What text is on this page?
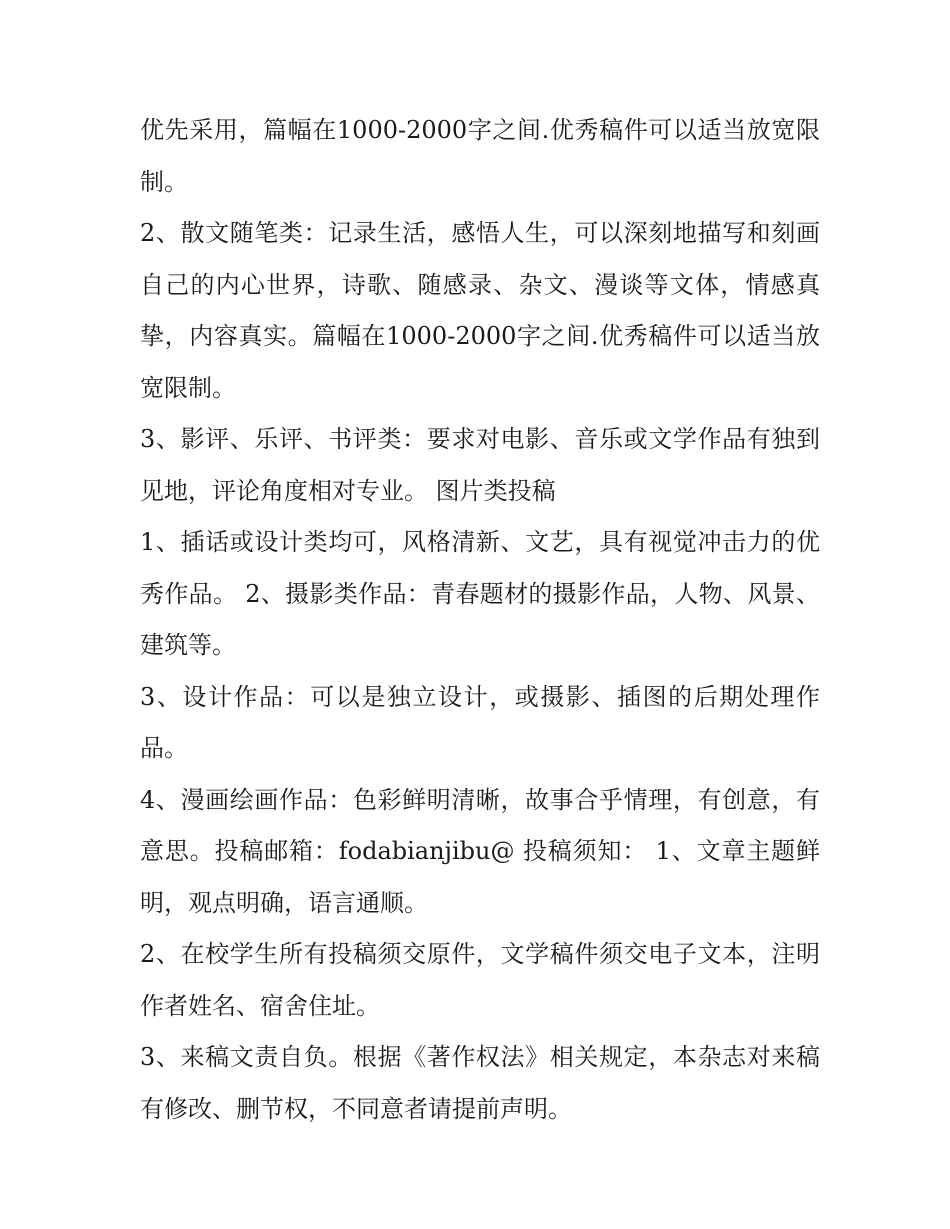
优先采用，篇幅在1000-2000字之间.优秀稿件可以适当放宽限制。

2、散文随笔类：记录生活，感悟人生，可以深刻地描写和刻画自己的内心世界，诗歌、随感录、杂文、漫谈等文体，情感真挚，内容真实。篇幅在1000-2000字之间.优秀稿件可以适当放宽限制。

3、影评、乐评、书评类：要求对电影、音乐或文学作品有独到见地，评论角度相对专业。 图片类投稿

1、插话或设计类均可，风格清新、文艺，具有视觉冲击力的优秀作品。 2、摄影类作品：青春题材的摄影作品，人物、风景、建筑等。

3、设计作品：可以是独立设计，或摄影、插图的后期处理作品。

4、漫画绘画作品：色彩鲜明清晰，故事合乎情理，有创意，有意思。投稿邮箱：fodabianjibu@ 投稿须知： 1、文章主题鲜明，观点明确，语言通顺。

2、在校学生所有投稿须交原件，文学稿件须交电子文本，注明作者姓名、宿舍住址。

3、来稿文责自负。根据《著作权法》相关规定，本杂志对来稿有修改、删节权，不同意者请提前声明。
